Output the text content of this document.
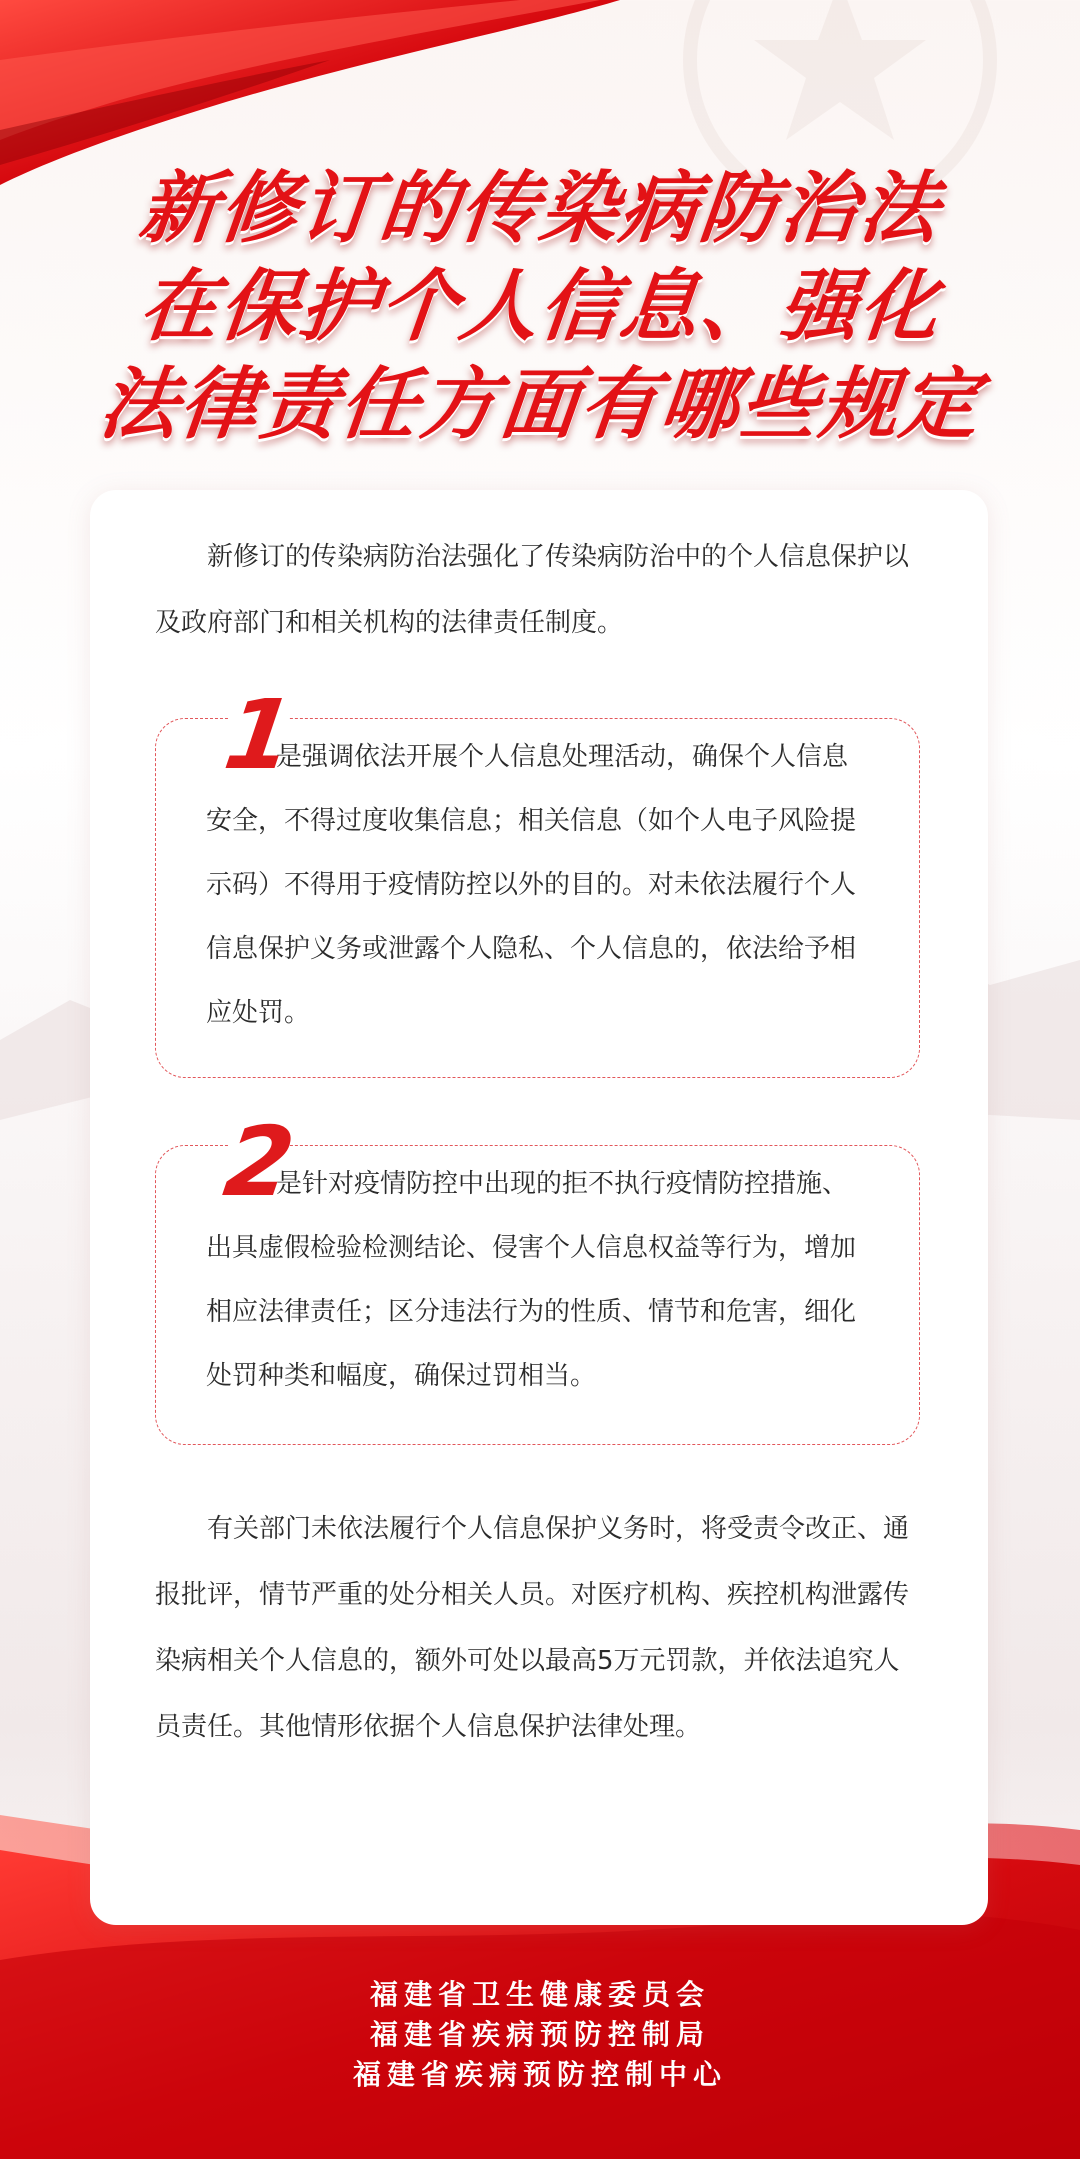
新修订的传染病防治法
在保护个人信息、强化
法律责任方面有哪些规定

新修订的传染病防治法强化了传染病防治中的个人信息保护以及政府部门和相关机构的法律责任制度。

1

是强调依法开展个人信息处理活动，确保个人信息安全，不得过度收集信息；相关信息（如个人电子风险提示码）不得用于疫情防控以外的目的。对未依法履行个人信息保护义务或泄露个人隐私、个人信息的，依法给予相应处罚。

2

是针对疫情防控中出现的拒不执行疫情防控措施、出具虚假检验检测结论、侵害个人信息权益等行为，增加相应法律责任；区分违法行为的性质、情节和危害，细化处罚种类和幅度，确保过罚相当。

有关部门未依法履行个人信息保护义务时，将受责令改正、通报批评，情节严重的处分相关人员。对医疗机构、疾控机构泄露传染病相关个人信息的，额外可处以最高5万元罚款，并依法追究人员责任。其他情形依据个人信息保护法律处理。

福建省卫生健康委员会
福建省疾病预防控制局
福建省疾病预防控制中心
